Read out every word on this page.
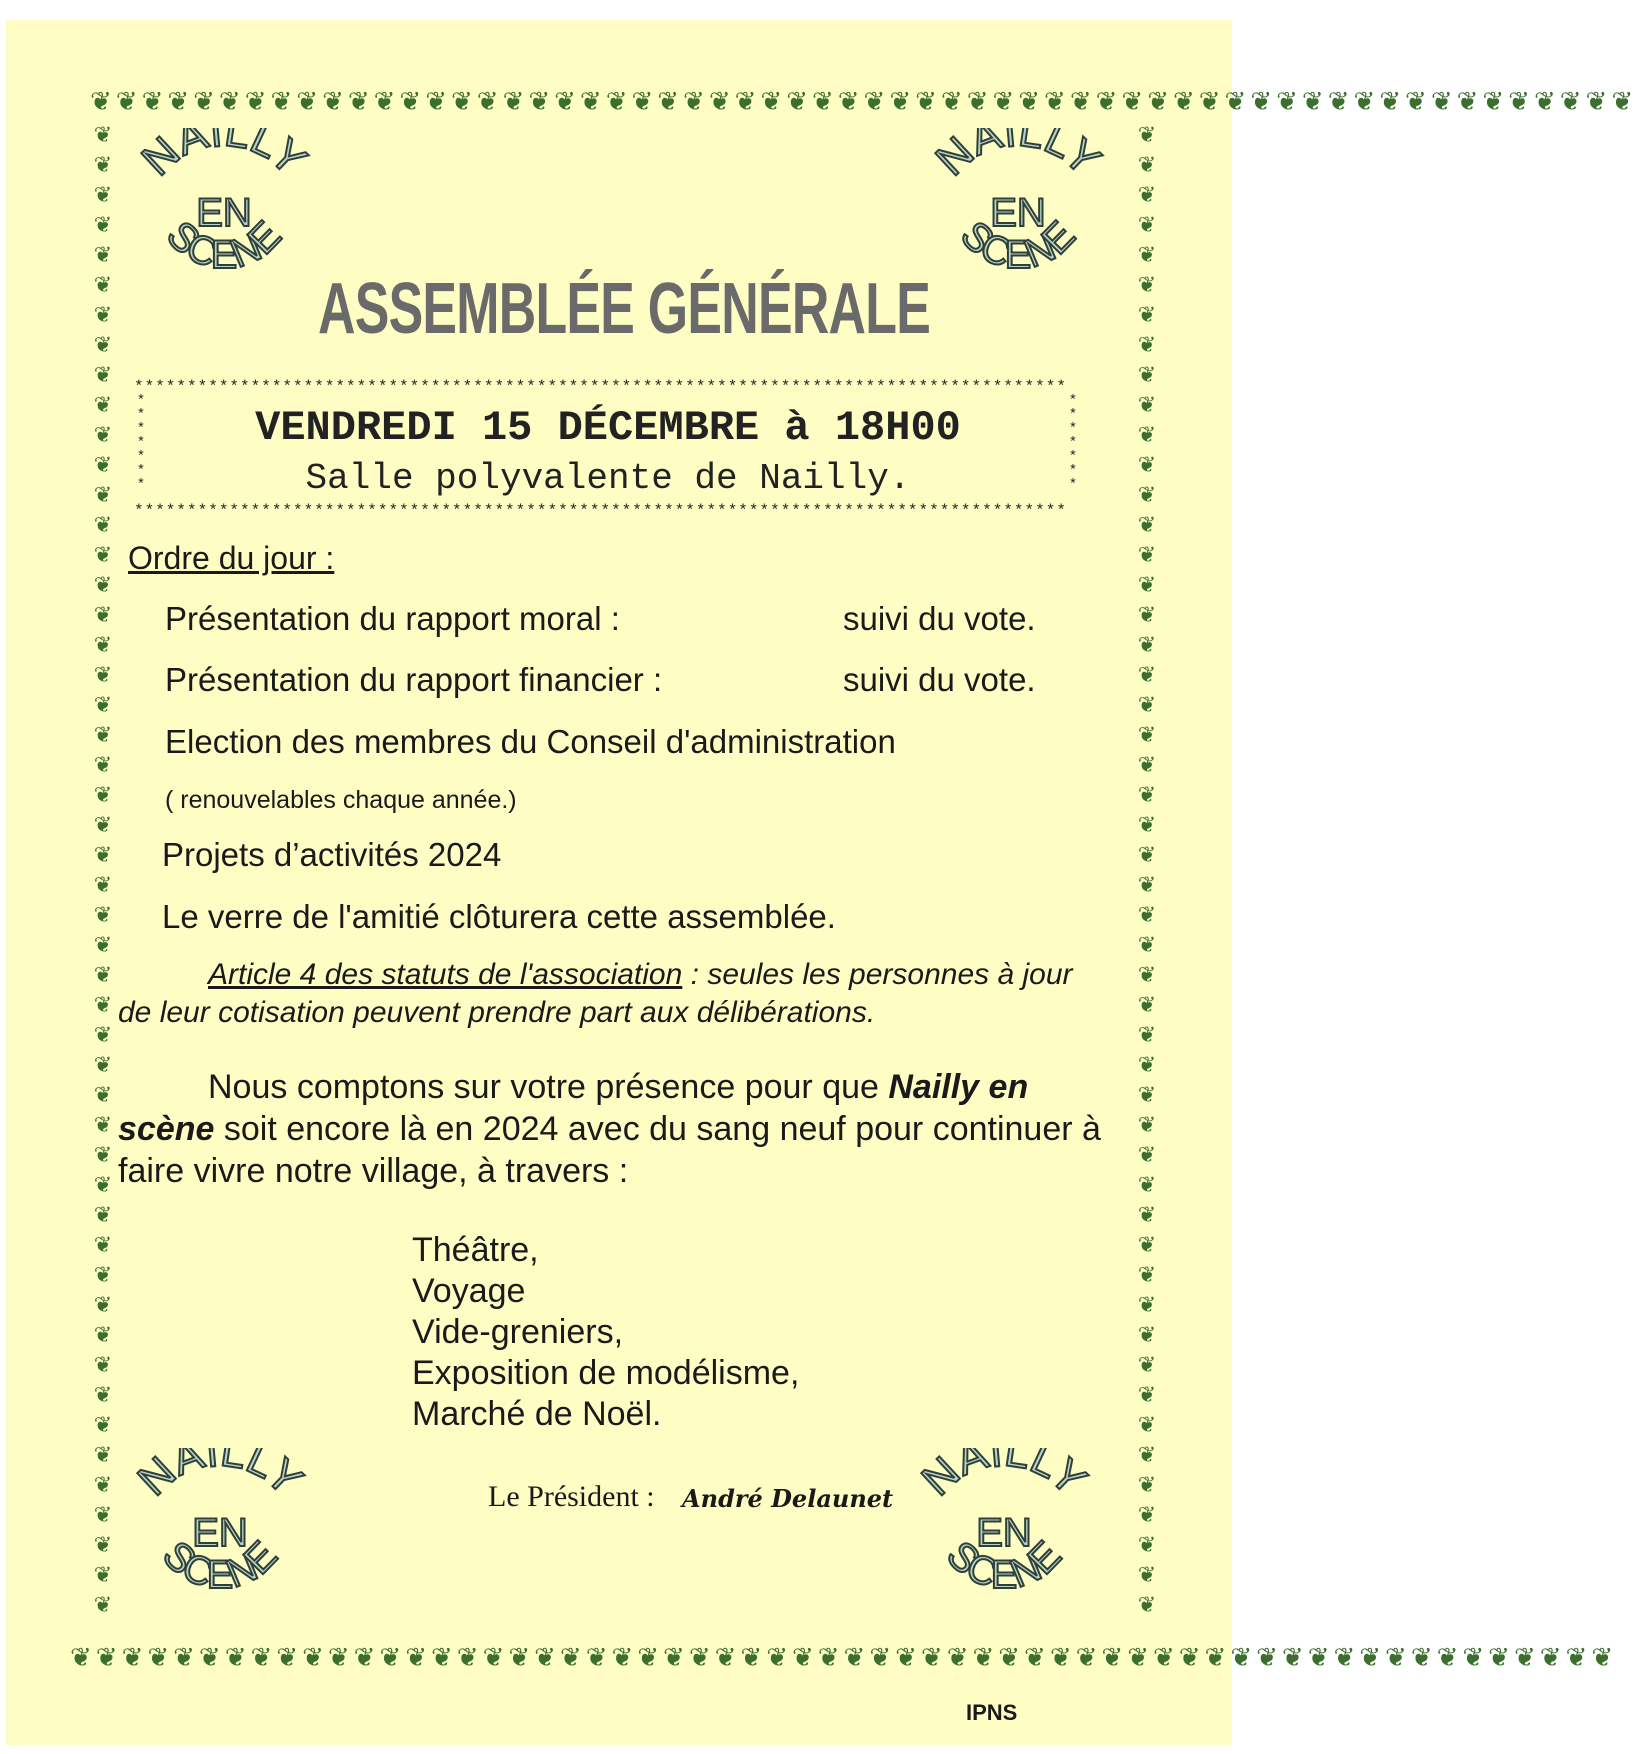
❦❦❦❦❦❦❦❦❦❦❦❦❦❦❦❦❦❦❦❦❦❦❦❦❦❦❦❦❦❦❦❦❦❦❦❦❦❦❦❦❦❦❦❦❦❦❦❦❦❦❦❦❦❦❦❦❦❦❦❦
❦❦❦❦❦❦❦❦❦❦❦❦❦❦❦❦❦❦❦❦❦❦❦❦❦❦❦❦❦❦❦❦❦❦❦❦❦❦❦❦❦❦❦❦❦❦❦❦❦❦❦❦❦❦❦❦❦❦❦❦
❦
❦
❦
❦
❦
❦
❦
❦
❦
❦
❦
❦
❦
❦
❦
❦
❦
❦
❦
❦
❦
❦
❦
❦
❦
❦
❦
❦
❦
❦
❦
❦
❦
❦
❦
❦
❦
❦
❦
❦
❦
❦
❦
❦
❦
❦
❦
❦
❦
❦
❦
❦
❦
❦
❦
❦
❦
❦
❦
❦
❦
❦
❦
❦
❦
❦
❦
❦
❦
❦
❦
❦
❦
❦
❦
❦
❦
❦
❦
❦
❦
❦
❦
❦
❦
❦
❦
❦
❦
❦
❦
❦
❦
❦
❦
❦
❦
❦
❦
❦
NAILLY
EN
SCENE
NAILLY
EN
SCENE
NAILLY
EN
SCENE
NAILLY
EN
SCENE
ASSEMBLÉE GÉNÉRALE
****************************************************************************************
*
*
*
*
*
*
*
*
*
*
*
*
*
*
VENDREDI 15 DÉCEMBRE à 18H00
Salle polyvalente de Nailly.
****************************************************************************************
Ordre du jour :
Présentation du rapport moral :	suivi du vote.
Présentation du rapport financier :	suivi du vote.
Election des membres du Conseil d'administration
( renouvelables chaque année.)
Projets d’activités 2024
Le verre de l'amitié clôturera cette assemblée.
Article 4 des statuts de l'association : seules les personnes à jour de leur cotisation peuvent prendre part aux délibérations.
Nous comptons sur votre présence pour que Nailly en scène soit encore là en 2024 avec du sang neuf pour continuer à faire vivre notre village, à travers :
Théâtre,
Voyage
Vide-greniers,
Exposition de modélisme,
Marché de Noël.
Le Président : André Delaunet
IPNS
